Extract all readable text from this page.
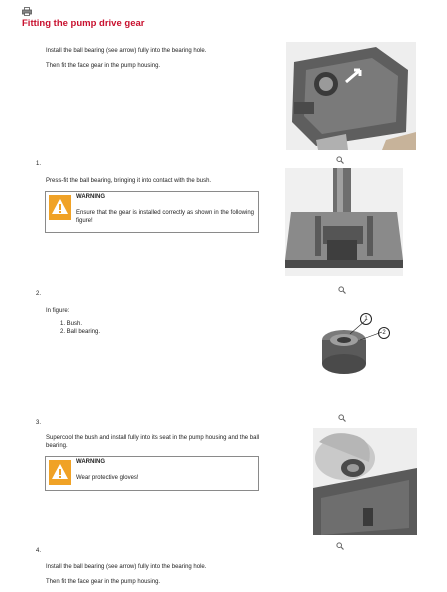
Fitting the pump drive gear
Install the ball bearing (see arrow) fully into the bearing hole.
Then fit the face gear in the pump housing.
1.
Press-fit the ball bearing, bringing it into contact with the bush.
WARNING
Ensure that the gear is installed correctly as shown in the following figure!
2.
In figure:
1. Bush.
2. Ball bearing.
1
2
3.
Supercool the bush and install fully into its seat in the pump housing and the ball bearing.
WARNING
Wear protective gloves!
4.
Install the ball bearing (see arrow) fully into the bearing hole.
Then fit the face gear in the pump housing.
